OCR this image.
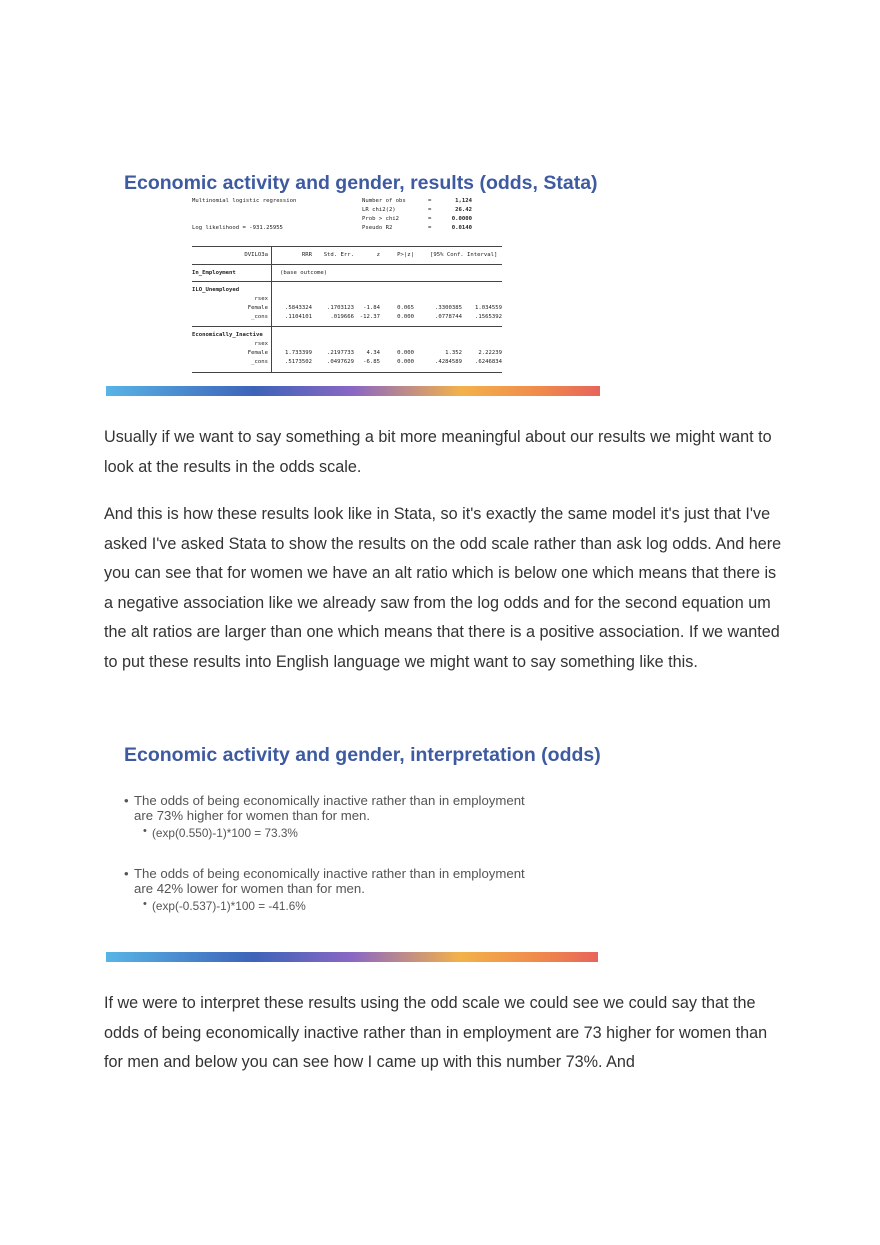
Economic activity and gender, results (odds, Stata)
Multinomial logistic regression
Log likelihood = -931.25955
Number of obs	=	1,124
LR chi2(2)	=	26.42
Prob > chi2	=	0.0000
Pseudo R2	=	0.0140
DVILO3a	RRR	Std. Err.	z	P>|z|	[95% Conf. Interval]
In_Employment	(base outcome)
ILO_Unemployed
rsex
Female	.5843324	.1703123	-1.84	0.065	.3300385	1.034559
_cons	.1104101	.019666	-12.37	0.000	.0778744	.1565392
Economically_Inactive
rsex
Female	1.733399	.2197733	4.34	0.000	1.352	2.22239
_cons	.5173502	.0497629	-6.85	0.000	.4284589	.6246834

Usually if we want to say something a bit more meaningful about our results we might want to look at the results in the odds scale.

And this is how these results look like in Stata, so it's exactly the same model it's just that I've asked I've asked Stata to show the results on the odd scale rather than ask log odds. And here you can see that for women we have an alt ratio which is below one which means that there is a negative association like we already saw from the log odds and for the second equation um the alt ratios are larger than one which means that there is a positive association. If we wanted to put these results into English language we might want to say something like this.

Economic activity and gender, interpretation (odds)
• The odds of being economically inactive rather than in employment
are 73% higher for women than for men.
• (exp(0.550)-1)*100 = 73.3%
• The odds of being economically inactive rather than in employment
are 42% lower for women than for men.
• (exp(-0.537)-1)*100 = -41.6%

If we were to interpret these results using the odd scale we could see we could say that the odds of being economically inactive rather than in employment are 73 higher for women than for men and below you can see how I came up with this number 73%. And
